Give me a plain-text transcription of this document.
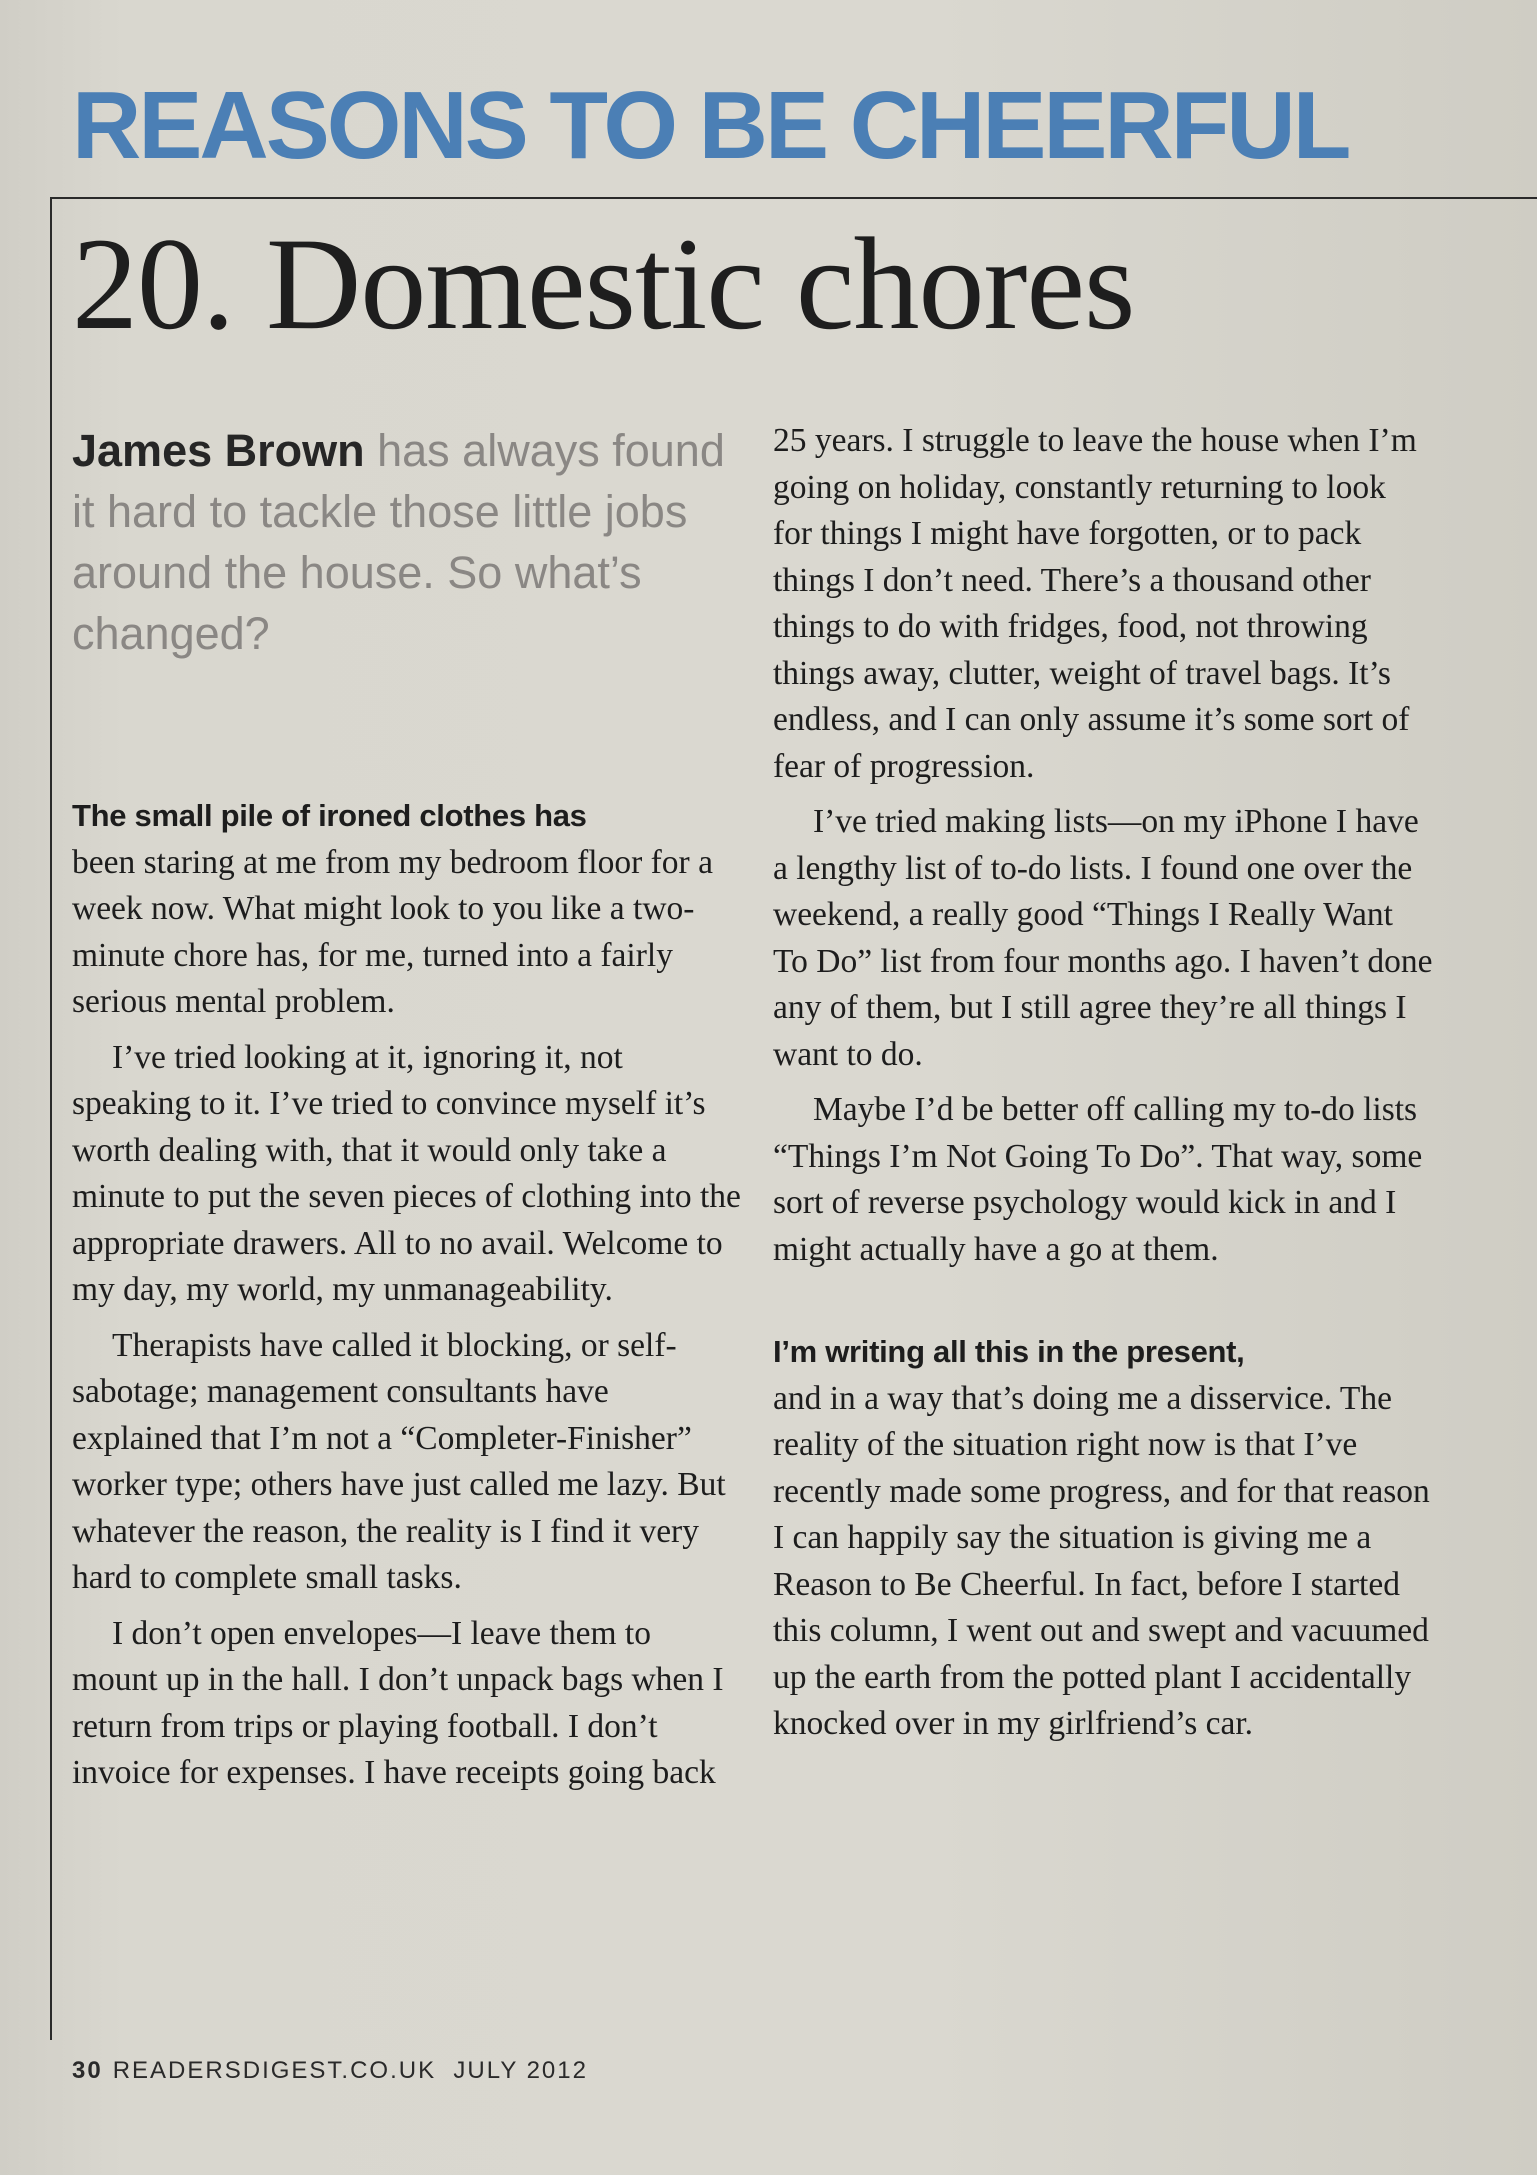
REASONS TO BE CHEERFUL
20. Domestic chores
James Brown has always found it hard to tackle those little jobs around the house. So what’s changed?

The small pile of ironed clothes has
been staring at me from my bedroom floor for a week now. What might look to you like a two-minute chore has, for me, turned into a fairly serious mental problem.

I’ve tried looking at it, ignoring it, not speaking to it. I’ve tried to convince myself it’s worth dealing with, that it would only take a minute to put the seven pieces of clothing into the appropriate drawers. All to no avail. Welcome to my day, my world, my unmanageability.

Therapists have called it blocking, or self-sabotage; management consultants have explained that I’m not a “Completer-Finisher” worker type; others have just called me lazy. But whatever the reason, the reality is I find it very hard to complete small tasks.

I don’t open envelopes—I leave them to mount up in the hall. I don’t unpack bags when I return from trips or playing football. I don’t invoice for expenses. I have receipts going back

25 years. I struggle to leave the house when I’m going on holiday, constantly returning to look for things I might have forgotten, or to pack things I don’t need. There’s a thousand other things to do with fridges, food, not throwing things away, clutter, weight of travel bags. It’s endless, and I can only assume it’s some sort of fear of progression.

I’ve tried making lists—on my iPhone I have a lengthy list of to-do lists. I found one over the weekend, a really good “Things I Really Want To Do” list from four months ago. I haven’t done any of them, but I still agree they’re all things I want to do.

Maybe I’d be better off calling my to-do lists “Things I’m Not Going To Do”. That way, some sort of reverse psychology would kick in and I might actually have a go at them.

I’m writing all this in the present,
and in a way that’s doing me a disservice. The reality of the situation right now is that I’ve recently made some progress, and for that reason I can happily say the situation is giving me a Reason to Be Cheerful. In fact, before I started this column, I went out and swept and vacuumed up the earth from the potted plant I accidentally knocked over in my girlfriend’s car.

30 READERSDIGEST.CO.UK  JULY 2012
